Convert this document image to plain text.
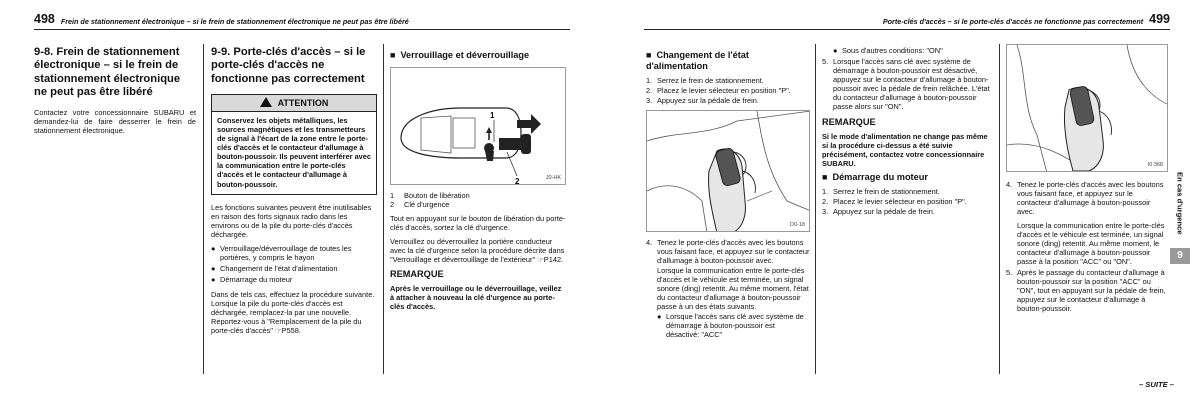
498 Frein de stationnement électronique – si le frein de stationnement électronique ne peut pas être libéré
9-8. Frein de stationnement électronique – si le frein de stationnement électronique ne peut pas être libéré

Contactez votre concessionnaire SUBARU et demandez-lui de faire desserrer le frein de stationnement électronique.

9-9. Porte-clés d'accès – si le porte-clés d'accès ne fonctionne pas correctement
ATTENTION
Conservez les objets métalliques, les sources magnétiques et les transmetteurs de signal à l'écart de la zone entre le porte-clés d'accès et le contacteur d'allumage à bouton-poussoir. Ils peuvent interférer avec la communication entre le porte-clés d'accès et le contacteur d'allumage à bouton-poussoir.

Les fonctions suivantes peuvent être inutilisables en raison des forts signaux radio dans les environs ou de la pile du porte-clés d'accès déchargée.

● Verrouillage/déverrouillage de toutes les portières, y compris le hayon
● Changement de l'état d'alimentation
● Démarrage du moteur

Dans de tels cas, effectuez la procédure suivante. Lorsque la pile du porte-clés d'accès est déchargée, remplacez-la par une nouvelle. Reportez-vous à "Remplacement de la pile du porte-clés d'accès" ☞P558.

■ Verrouillage et déverrouillage
1
2	J0-HK
1	Bouton de libération
2	Clé d'urgence

Tout en appuyant sur le bouton de libération du porte-clés d'accès, sortez la clé d'urgence.

Verrouillez ou déverrouillez la portière conducteur avec la clé d'urgence selon la procédure décrite dans "Verrouillage et déverrouillage de l'extérieur" ☞P142.

REMARQUE

Après le verrouillage ou le déverrouillage, veillez à attacher à nouveau la clé d'urgence au porte-clés d'accès.

Porte-clés d'accès – si le porte-clés d'accès ne fonctionne pas correctement 499
■ Changement de l'état d'alimentation
1. Serrez le frein de stationnement.
2. Placez le levier sélecteur en position "P".
3. Appuyez sur la pédale de frein.
D0-18
4. Tenez le porte-clés d'accès avec les boutons vous faisant face, et appuyez sur le contacteur d'allumage à bouton-poussoir avec.

Lorsque la communication entre le porte-clés d'accès et le véhicule est terminée, un signal sonore (ding) retentit. Au même moment, l'état du contacteur d'allumage à bouton-poussoir passe à un des états suivants.

● Lorsque l'accès sans clé avec système de démarrage à bouton-poussoir est désactivé: "ACC"
● Sous d'autres conditions: "ON"
5. Lorsque l'accès sans clé avec système de démarrage à bouton-poussoir est désactivé, appuyez sur le contacteur d'allumage à bouton-poussoir avec la pédale de frein relâchée. L'état du contacteur d'allumage à bouton-poussoir passe alors sur "ON".
REMARQUE

Si le mode d'alimentation ne change pas même si la procédure ci-dessus a été suivie précisément, contactez votre concessionnaire SUBARU.

■ Démarrage du moteur
1. Serrez le frein de stationnement.
2. Placez le levier sélecteur en position "P".
3. Appuyez sur la pédale de frein.
I0 368
4. Tenez le porte-clés d'accès avec les boutons vous faisant face, et appuyez sur le contacteur d'allumage à bouton-poussoir avec.

Lorsque la communication entre le porte-clés d'accès et le véhicule est terminée, un signal sonore (ding) retentit. Au même moment, le contacteur d'allumage à bouton-poussoir passe à la position "ACC" ou "ON".

5. Après le passage du contacteur d'allumage à bouton-poussoir sur la position "ACC" ou "ON", tout en appuyant sur la pédale de frein, appuyez sur le contacteur d'allumage à bouton-poussoir.
– SUITE –
En cas d'urgence
9
